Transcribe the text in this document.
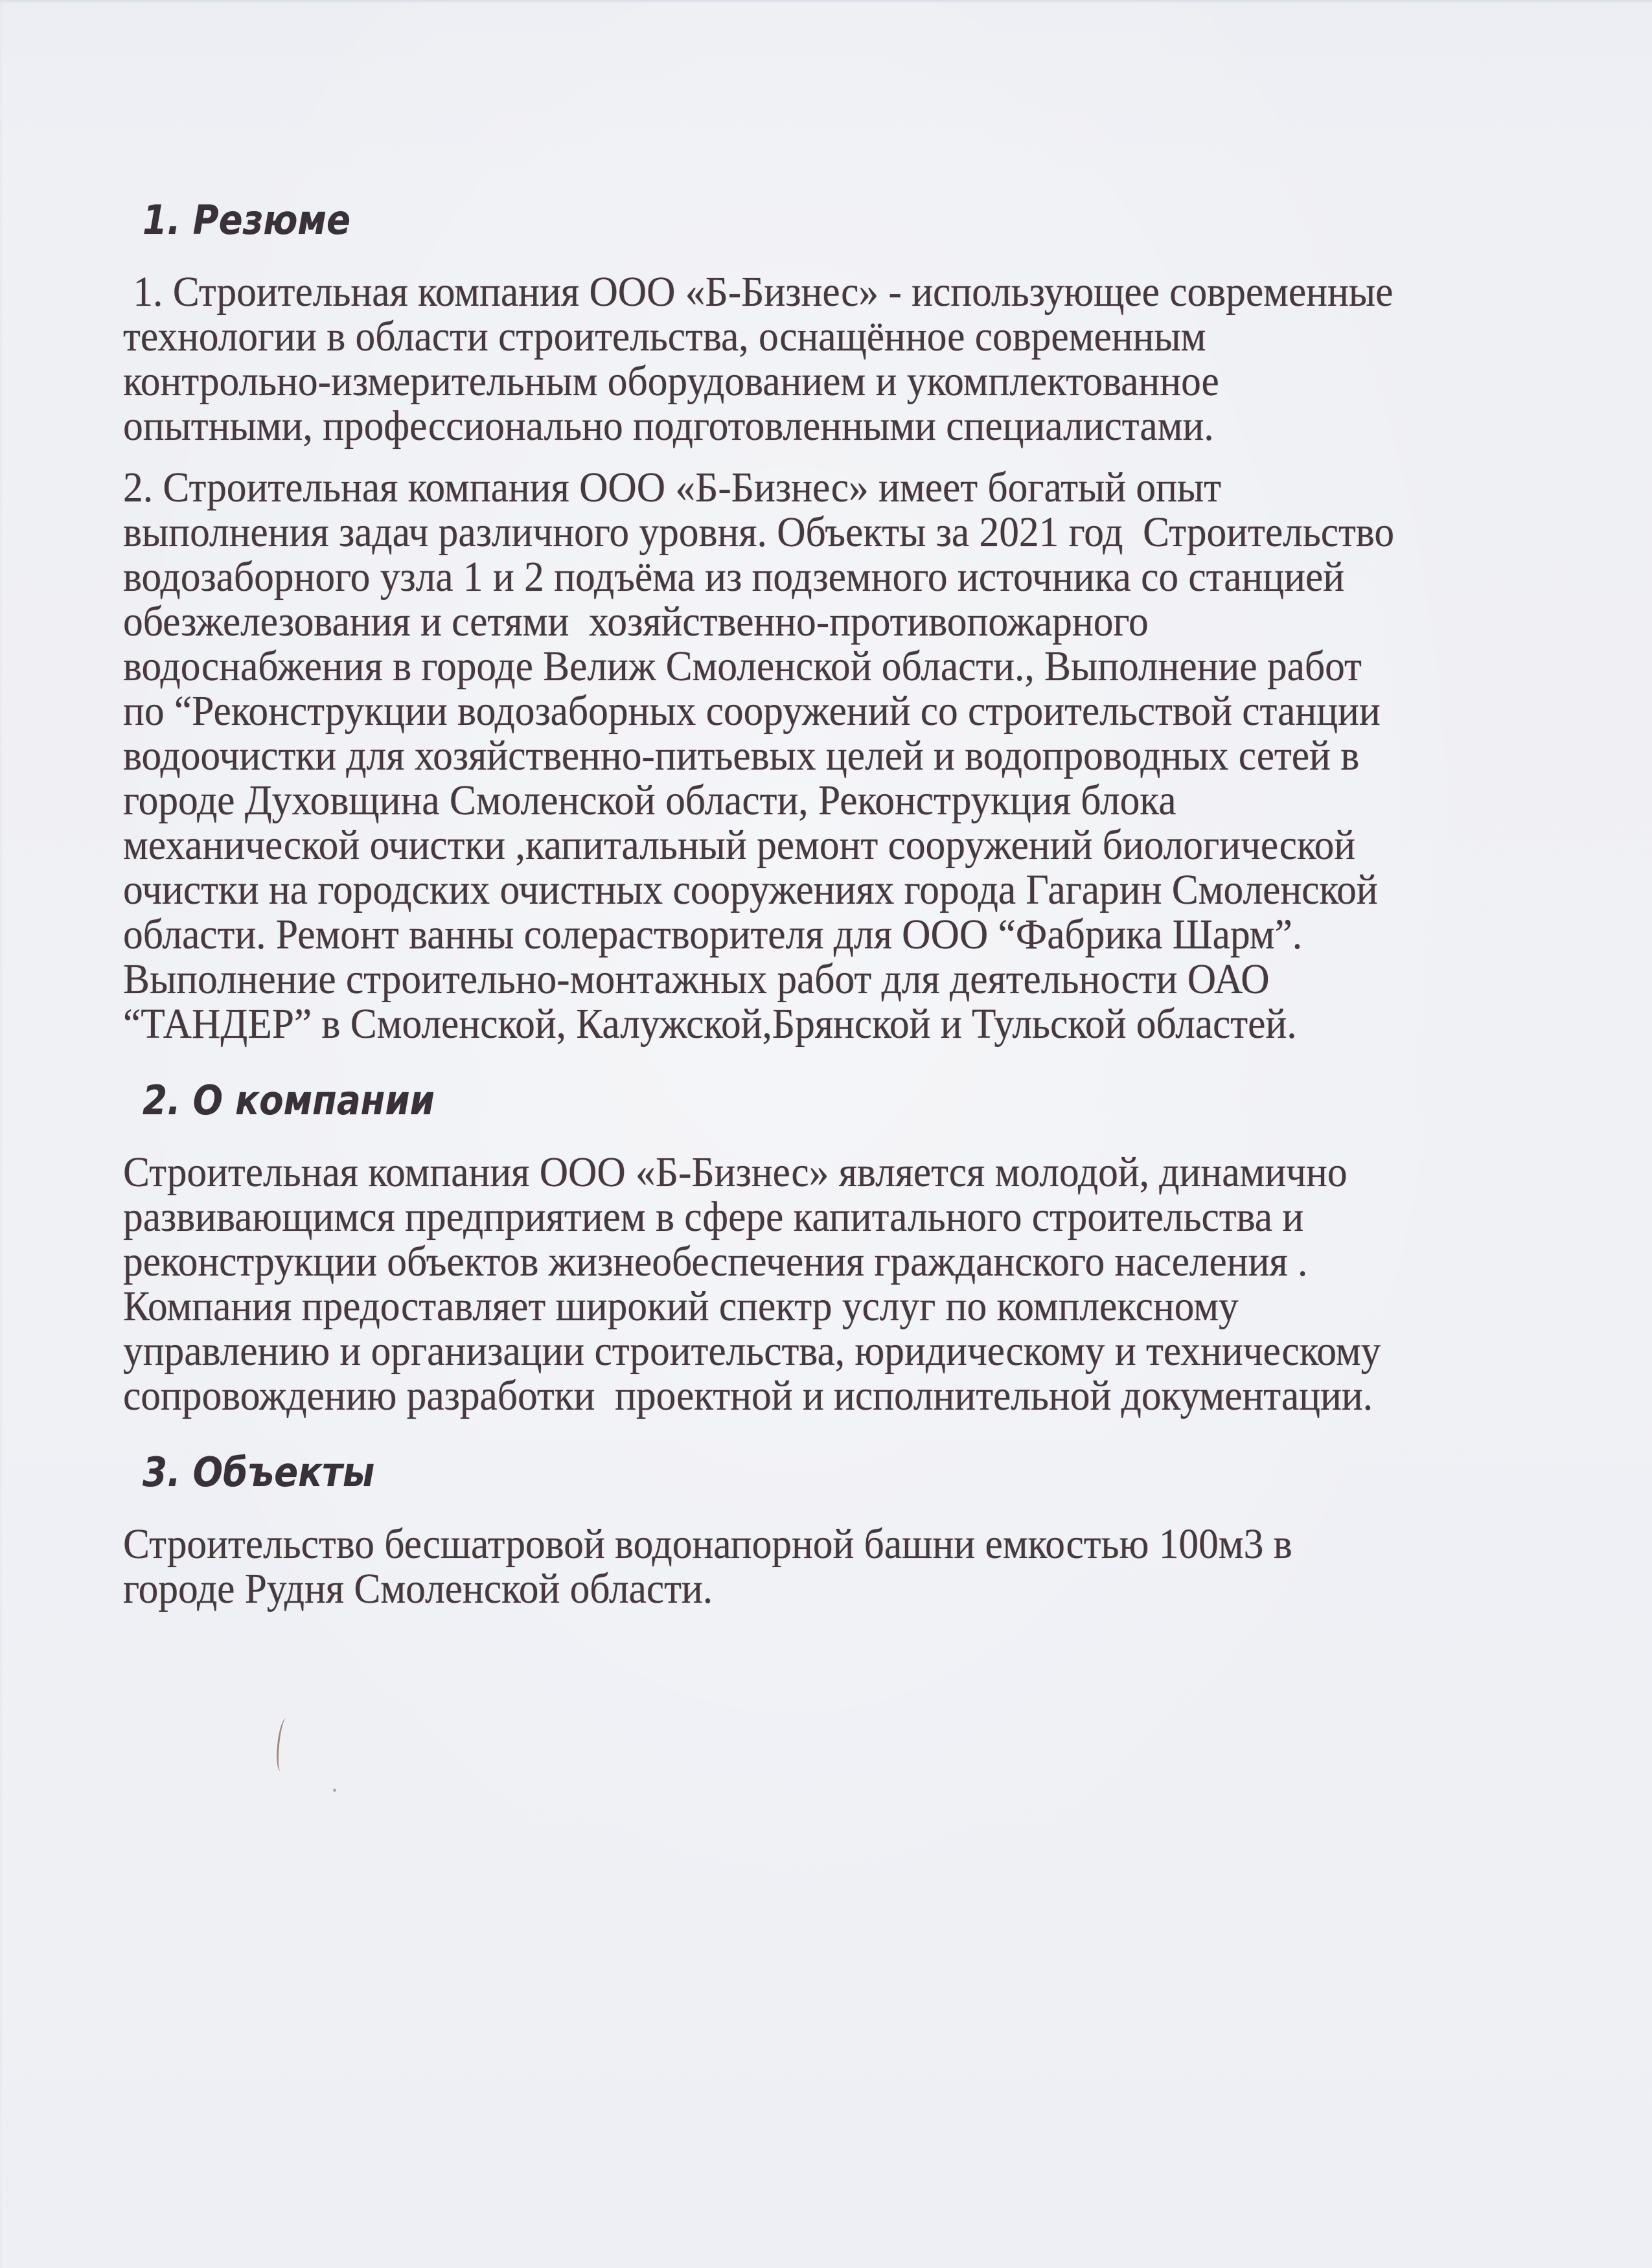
1. Резюме

1. Строительная компания ООО «Б-Бизнес» - использующее современные
технологии в области строительства, оснащённое современным
контрольно-измерительным оборудованием и укомплектованное
опытными, профессионально подготовленными специалистами.

2. Строительная компания ООО «Б-Бизнес» имеет богатый опыт
выполнения задач различного уровня. Объекты за 2021 год  Строительство
водозаборного узла 1 и 2 подъёма из подземного источника со станцией
обезжелезования и сетями  хозяйственно-противопожарного
водоснабжения в городе Велиж Смоленской области., Выполнение работ
по “Реконструкции водозаборных сооружений со строительствой станции
водоочистки для хозяйственно-питьевых целей и водопроводных сетей в
городе Духовщина Смоленской области, Реконструкция блока
механической очистки ,капитальный ремонт сооружений биологической
очистки на городских очистных сооружениях города Гагарин Смоленской
области. Ремонт ванны солерастворителя для ООО “Фабрика Шарм”.
Выполнение строительно-монтажных работ для деятельности ОАО
“ТАНДЕР” в Смоленской, Калужской,Брянской и Тульской областей.

2. О компании

Строительная компания ООО «Б-Бизнес» является молодой, динамично
развивающимся предприятием в сфере капитального строительства и
реконструкции объектов жизнеобеспечения гражданского населения .
Компания предоставляет широкий спектр услуг по комплексному
управлению и организации строительства, юридическому и техническому
сопровождению разработки  проектной и исполнительной документации.

3. Объекты

Строительство бесшатровой водонапорной башни емкостью 100м3 в
городе Рудня Смоленской области.
